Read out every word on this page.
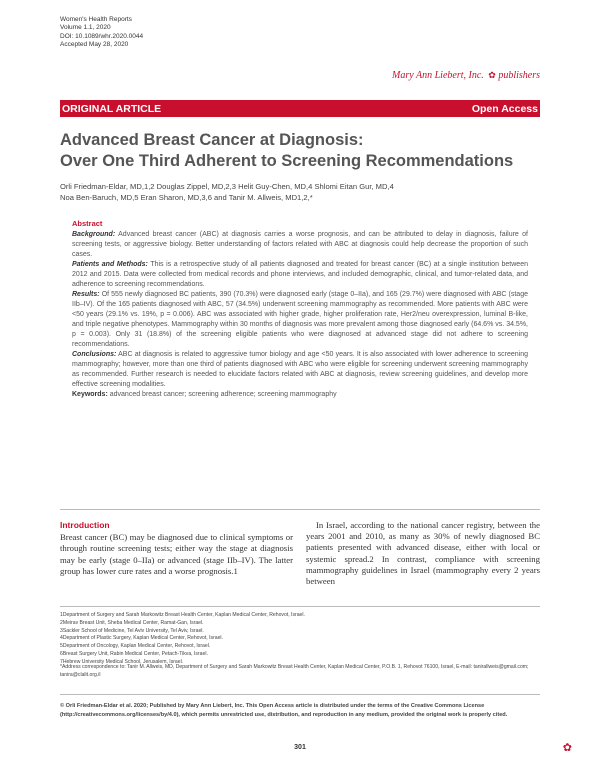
Women's Health Reports
Volume 1.1, 2020
DOI: 10.1089/whr.2020.0044
Accepted May 28, 2020
Mary Ann Liebert, Inc. ✿ publishers
ORIGINAL ARTICLE	Open Access
Advanced Breast Cancer at Diagnosis:
Over One Third Adherent to Screening Recommendations
Orli Friedman-Eldar, MD,1,2 Douglas Zippel, MD,2,3 Helit Guy-Chen, MD,4 Shlomi Eitan Gur, MD,4
Noa Ben-Baruch, MD,5 Eran Sharon, MD,3,6 and Tanir M. Allweis, MD1,2,*
Abstract

Background: Advanced breast cancer (ABC) at diagnosis carries a worse prognosis, and can be attributed to delay in diagnosis, failure of screening tests, or aggressive biology. Better understanding of factors related with ABC at diagnosis could help decrease the proportion of such cases.

Patients and Methods: This is a retrospective study of all patients diagnosed and treated for breast cancer (BC) at a single institution between 2012 and 2015. Data were collected from medical records and phone interviews, and included demographic, clinical, and tumor-related data, and adherence to screening recommendations.

Results: Of 555 newly diagnosed BC patients, 390 (70.3%) were diagnosed early (stage 0–IIa), and 165 (29.7%) were diagnosed with ABC (stage IIb–IV). Of the 165 patients diagnosed with ABC, 57 (34.5%) underwent screening mammography as recommended. More patients with ABC were <50 years (29.1% vs. 19%, p = 0.006). ABC was associated with higher grade, higher proliferation rate, Her2/neu overexpression, luminal B-like, and triple negative phenotypes. Mammography within 30 months of diagnosis was more prevalent among those diagnosed early (64.6% vs. 34.5%, p = 0.003). Only 31 (18.8%) of the screening eligible patients who were diagnosed at advanced stage did not adhere to screening recommendations.

Conclusions: ABC at diagnosis is related to aggressive tumor biology and age <50 years. It is also associated with lower adherence to screening mammography; however, more than one third of patients diagnosed with ABC who were eligible for screening underwent screening mammography as recommended. Further research is needed to elucidate factors related with ABC at diagnosis, review screening guidelines, and develop more effective screening modalities.

Keywords: advanced breast cancer; screening adherence; screening mammography

Introduction
Breast cancer (BC) may be diagnosed due to clinical symptoms or through routine screening tests; either way the stage at diagnosis may be early (stage 0–IIa) or advanced (stage IIb–IV). The latter group has lower cure rates and a worse prognosis.1
In Israel, according to the national cancer registry, between the years 2001 and 2010, as many as 30% of newly diagnosed BC patients presented with advanced disease, either with local or systemic spread.2 In contrast, compliance with screening mammography guidelines in Israel (mammography every 2 years between
1Department of Surgery and Sarah Markowitz Breast Health Center, Kaplan Medical Center, Rehovot, Israel.
2Meirav Breast Unit, Sheba Medical Center, Ramat-Gan, Israel.
3Sackler School of Medicine, Tel Aviv University, Tel Aviv, Israel.
4Department of Plastic Surgery, Kaplan Medical Center, Rehovot, Israel.
5Department of Oncology, Kaplan Medical Center, Rehovot, Israel.
6Breast Surgery Unit, Rabin Medical Center, Petach-Tikva, Israel.
7Hebrew University Medical School, Jerusalem, Israel.
*Address correspondence to: Tanir M. Allweis, MD, Department of Surgery and Sarah Markowitz Breast Health Center, Kaplan Medical Center, P.O.B. 1, Rehovot 76100, Israel, E-mail: tanirallweis@gmail.com; tanira@clalit.org.il
© Orli Friedman-Eldar et al. 2020; Published by Mary Ann Liebert, Inc. This Open Access article is distributed under the terms of the Creative Commons License (http://creativecommons.org/licenses/by/4.0), which permits unrestricted use, distribution, and reproduction in any medium, provided the original work is properly cited.
301	✿
